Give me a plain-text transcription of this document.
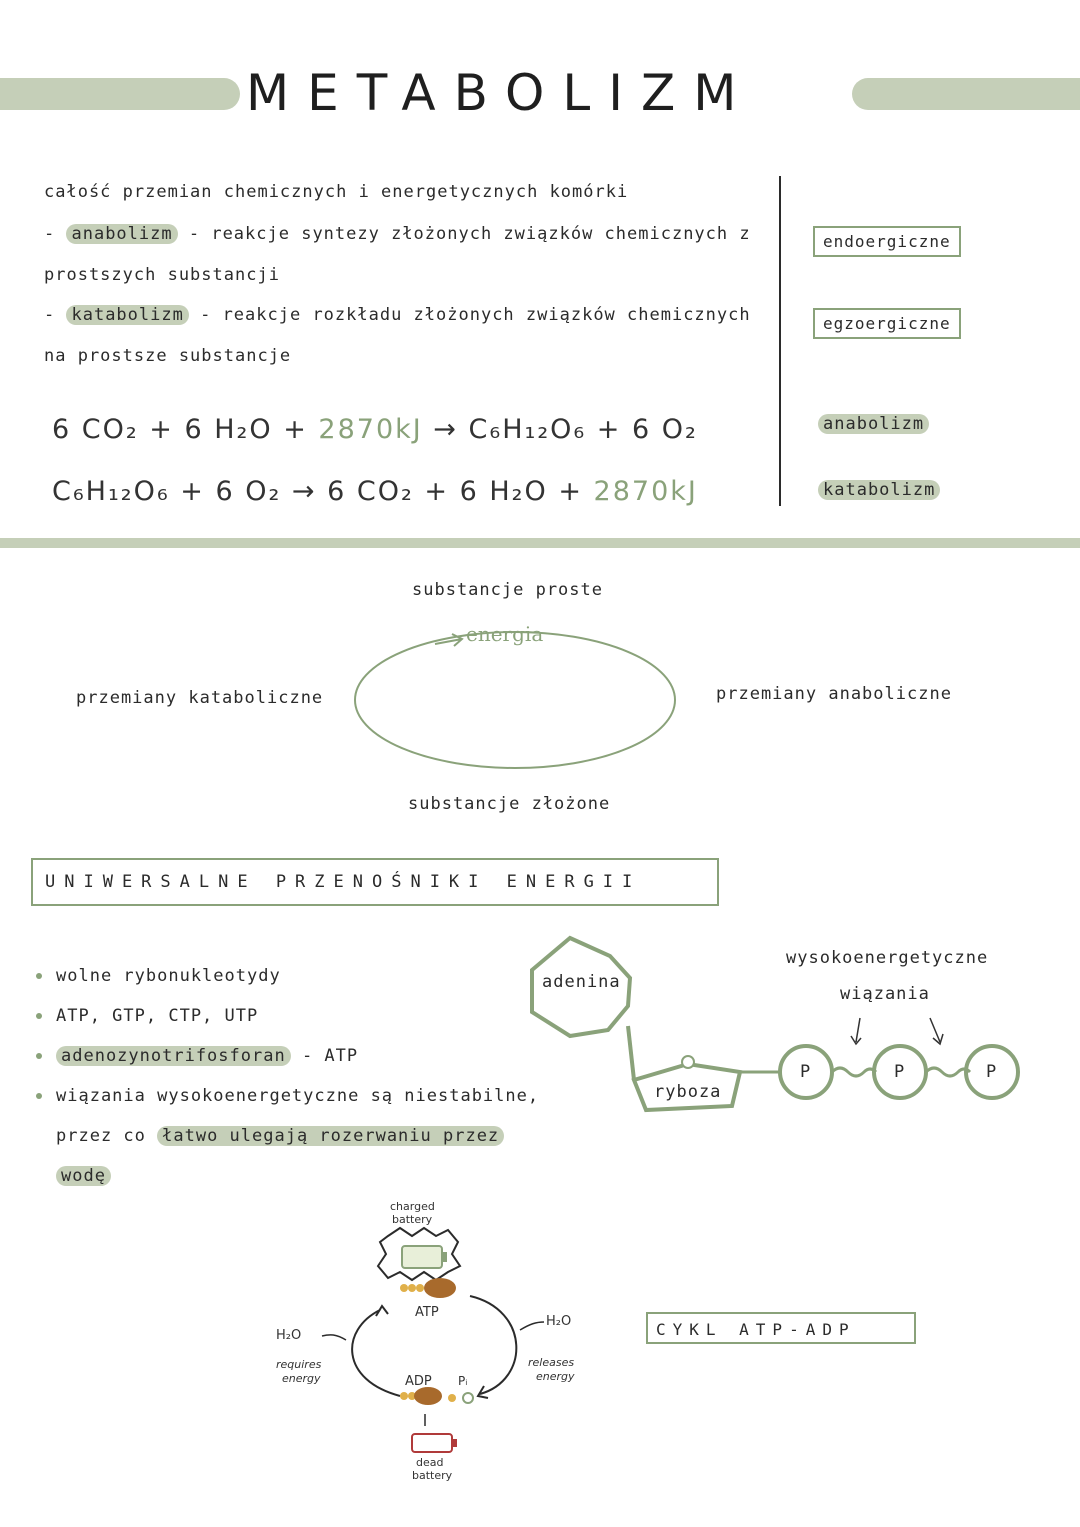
METABOLIZM
całość przemian chemicznych i energetycznych komórki
- anabolizm - reakcje syntezy złożonych związków chemicznych z
prostszych substancji
- katabolizm - reakcje rozkładu złożonych związków chemicznych
na prostsze substancje
6 CO₂ + 6 H₂O + 2870kJ → C₆H₁₂O₆ + 6 O₂
C₆H₁₂O₆ + 6 O₂ → 6 CO₂ + 6 H₂O + 2870kJ
endoergiczne
egzoergiczne
anabolizm
katabolizm
substancje proste
energia
przemiany kataboliczne	przemiany anaboliczne
substancje złożone
UNIWERSALNE PRZENOŚNIKI ENERGII
wolne rybonukleotydy
ATP, GTP, CTP, UTP
adenozynotrifosforan - ATP
wiązania wysokoenergetyczne są niestabilne,
przez co łatwo ulegają rozerwaniu przez
wodę
adenina
ryboza
P	P	P
wysokoenergetyczne
wiązania
charged
battery
ATP
H₂O
H₂O
requires
energy
releases
energy
ADP Pᵢ
dead
battery
CYKL ATP-ADP
